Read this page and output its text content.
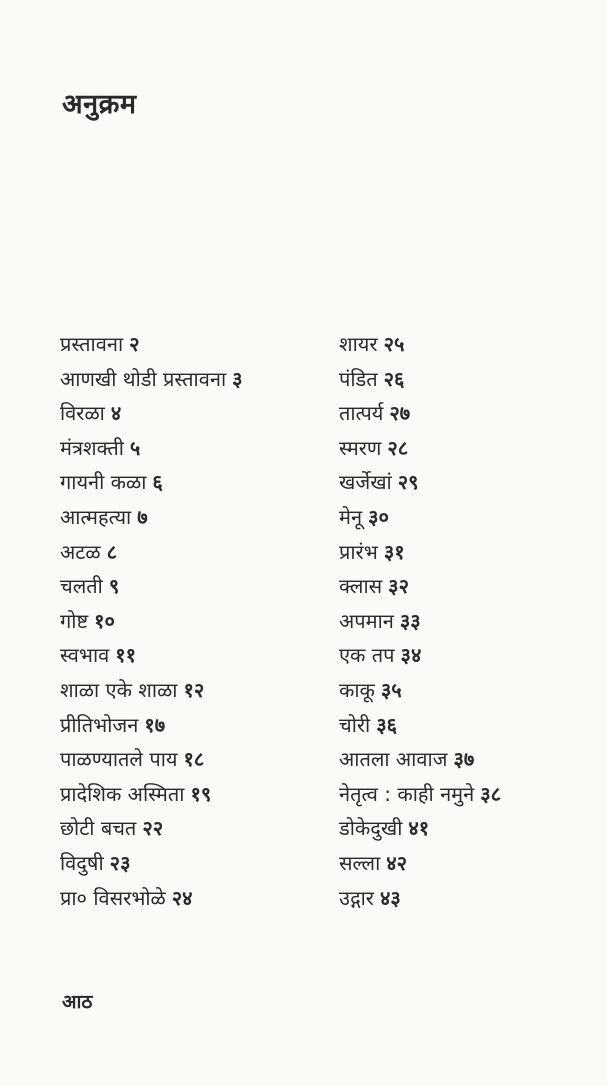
अनुक्रम
प्रस्तावना २
आणखी थोडी प्रस्तावना ३
विरळा ४
मंत्रशक्ती ५
गायनी कळा ६
आत्महत्या ७
अटळ ८
चलती ९
गोष्ट १०
स्वभाव ११
शाळा एके शाळा १२
प्रीतिभोजन १७
पाळण्यातले पाय १८
प्रादेशिक अस्मिता १९
छोटी बचत २२
विदुषी २३
प्रा० विसरभोळे २४
शायर २५
पंडित २६
तात्पर्य २७
स्मरण २८
खर्जेखां २९
मेनू ३०
प्रारंभ ३१
क्लास ३२
अपमान ३३
एक तप ३४
काकू ३५
चोरी ३६
आतला आवाज ३७
नेतृत्व : काही नमुने ३८
डोकेदुखी ४१
सल्ला ४२
उद्गार ४३
आठ
